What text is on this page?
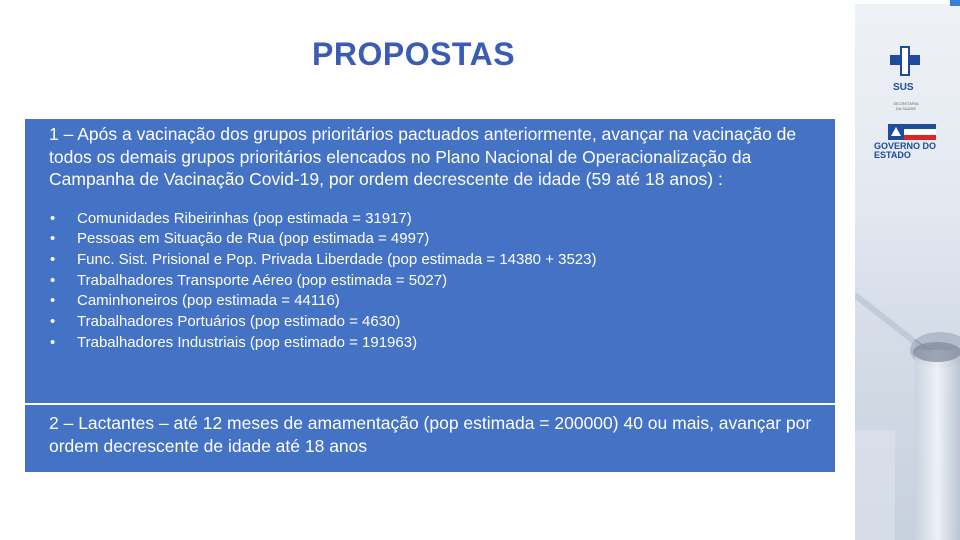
PROPOSTAS

1 – Após a vacinação dos grupos prioritários pactuados anteriormente, avançar na vacinação de todos os demais grupos prioritários elencados no Plano Nacional de Operacionalização da Campanha de Vacinação Covid-19, por ordem decrescente de idade (59 até 18 anos) :

• Comunidades Ribeirinhas (pop estimada = 31917)
• Pessoas em Situação de Rua (pop estimada = 4997)
• Func. Sist. Prisional e Pop. Privada Liberdade (pop estimada = 14380 + 3523)
• Trabalhadores Transporte Aéreo (pop estimada = 5027)
• Caminhoneiros (pop estimada = 44116)
• Trabalhadores Portuários (pop estimado = 4630)
• Trabalhadores Industriais (pop estimado = 191963)

2 – Lactantes – até 12 meses de amamentação (pop estimada = 200000) 40 ou mais, avançar por ordem decrescente de idade até 18 anos

SUS
SECRETARIA DA SAÚDE
GOVERNO DO ESTADO
